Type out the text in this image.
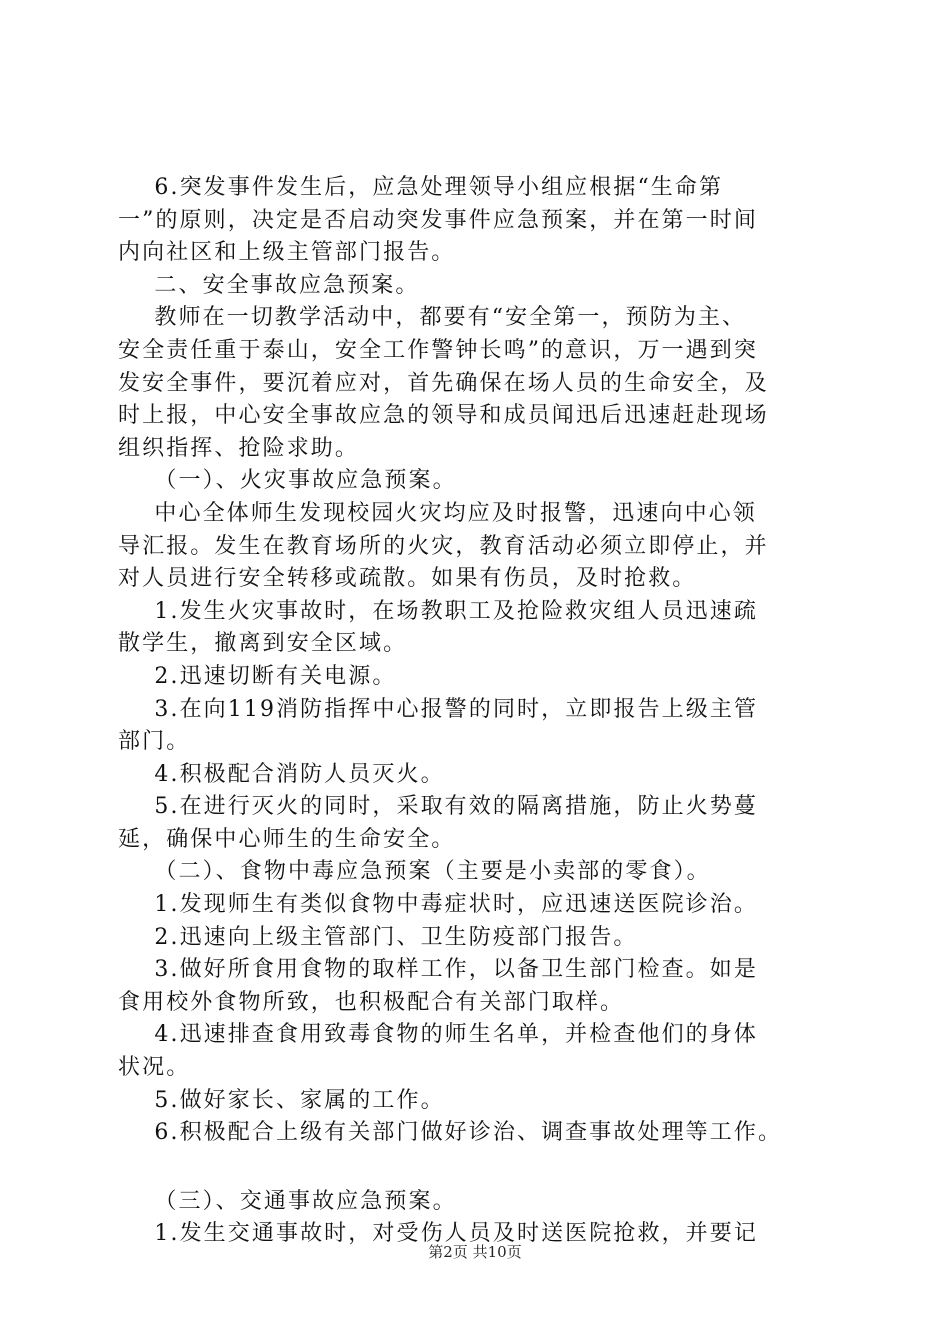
6.突发事件发生后，应急处理领导小组应根据“生命第
一”的原则，决定是否启动突发事件应急预案，并在第一时间
内向社区和上级主管部门报告。
二、安全事故应急预案。
教师在一切教学活动中，都要有“安全第一，预防为主、
安全责任重于泰山，安全工作警钟长鸣”的意识，万一遇到突
发安全事件，要沉着应对，首先确保在场人员的生命安全，及
时上报，中心安全事故应急的领导和成员闻迅后迅速赶赴现场
组织指挥、抢险求助。
（一）、火灾事故应急预案。
中心全体师生发现校园火灾均应及时报警，迅速向中心领
导汇报。发生在教育场所的火灾，教育活动必须立即停止，并
对人员进行安全转移或疏散。如果有伤员，及时抢救。
1.发生火灾事故时，在场教职工及抢险救灾组人员迅速疏
散学生，撤离到安全区域。
2.迅速切断有关电源。
3.在向119消防指挥中心报警的同时，立即报告上级主管
部门。
4.积极配合消防人员灭火。
5.在进行灭火的同时，采取有效的隔离措施，防止火势蔓
延，确保中心师生的生命安全。
（二）、食物中毒应急预案（主要是小卖部的零食）。
1.发现师生有类似食物中毒症状时，应迅速送医院诊治。
2.迅速向上级主管部门、卫生防疫部门报告。
3.做好所食用食物的取样工作，以备卫生部门检查。如是
食用校外食物所致，也积极配合有关部门取样。
4.迅速排查食用致毒食物的师生名单，并检查他们的身体
状况。
5.做好家长、家属的工作。
6.积极配合上级有关部门做好诊治、调查事故处理等工作。
（三）、交通事故应急预案。
1.发生交通事故时，对受伤人员及时送医院抢救，并要记
第2页 共10页
